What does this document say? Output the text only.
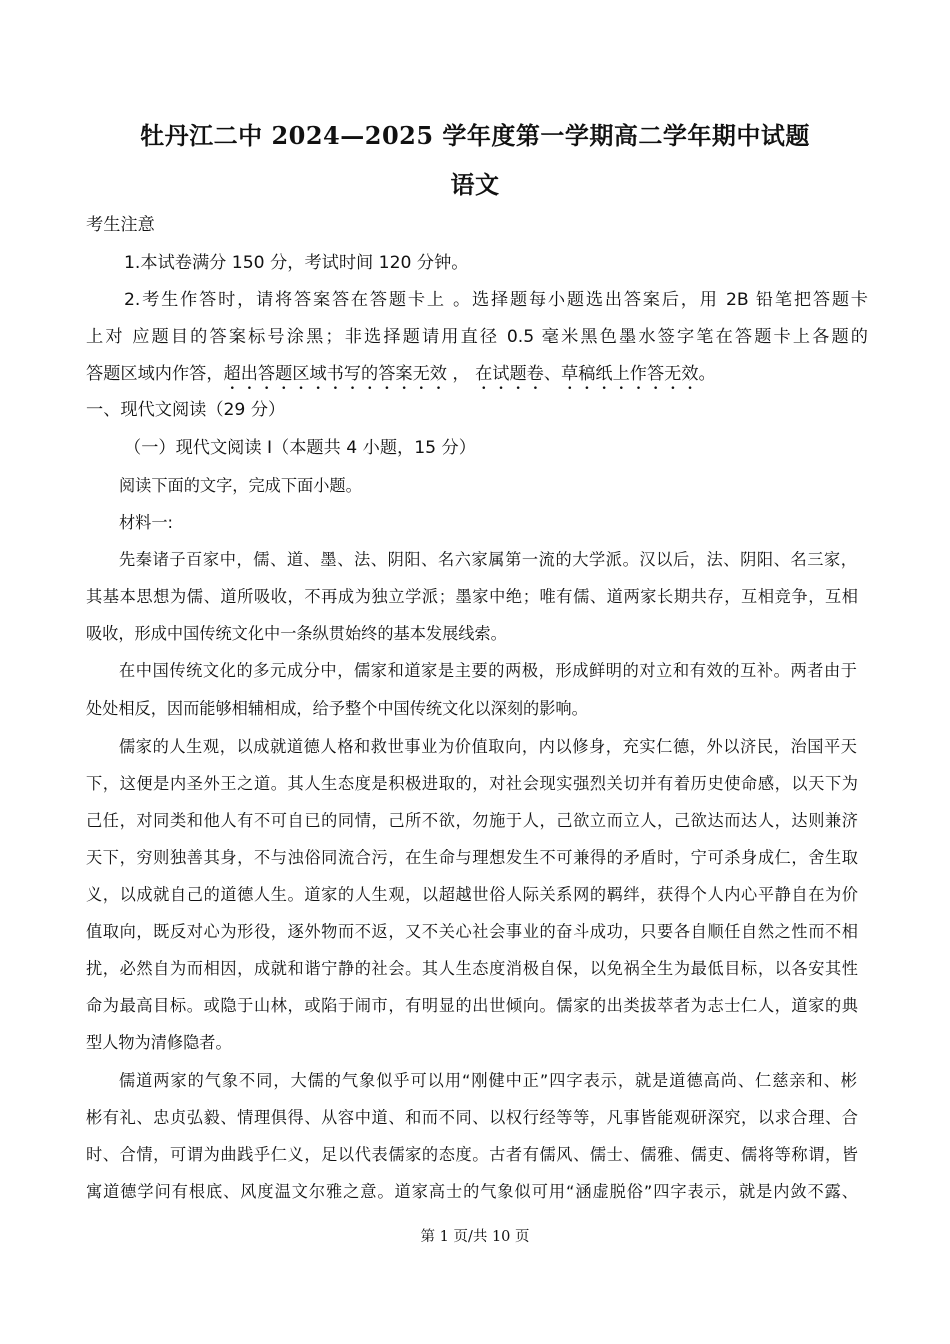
牡丹江二中 2024—2025 学年度第一学期高二学年期中试题
语文
考生注意
1.本试卷满分 150 分，考试时间 120 分钟。
2.考生作答时，请将答案答在答题卡上 。选择题每小题选出答案后，用 2B 铅笔把答题卡
上对 应题目的答案标号涂黑；非选择题请用直径 0.5 毫米黑色墨水签字笔在答题卡上各题的
答题区域内作答，超出答题区域书写的答案无效 ， 在试题卷、草稿纸上作答无效。
一、现代文阅读（29 分）
（一）现代文阅读 I（本题共 4 小题，15 分）
阅读下面的文字，完成下面小题。
材料一:
先秦诸子百家中，儒、道、墨、法、阴阳、名六家属第一流的大学派。汉以后，法、阴阳、名三家，
其基本思想为儒、道所吸收，不再成为独立学派；墨家中绝；唯有儒、道两家长期共存，互相竞争，互相
吸收，形成中国传统文化中一条纵贯始终的基本发展线索。
在中国传统文化的多元成分中，儒家和道家是主要的两极，形成鲜明的对立和有效的互补。两者由于
处处相反，因而能够相辅相成，给予整个中国传统文化以深刻的影响。
儒家的人生观，以成就道德人格和救世事业为价值取向，内以修身，充实仁德，外以济民，治国平天
下，这便是内圣外王之道。其人生态度是积极进取的，对社会现实强烈关切并有着历史使命感，以天下为
己任，对同类和他人有不可自已的同情，己所不欲，勿施于人，己欲立而立人，己欲达而达人，达则兼济
天下，穷则独善其身，不与浊俗同流合污，在生命与理想发生不可兼得的矛盾时，宁可杀身成仁，舍生取
义，以成就自己的道德人生。道家的人生观，以超越世俗人际关系网的羁绊，获得个人内心平静自在为价
值取向，既反对心为形役，逐外物而不返，又不关心社会事业的奋斗成功，只要各自顺任自然之性而不相
扰，必然自为而相因，成就和谐宁静的社会。其人生态度消极自保，以免祸全生为最低目标，以各安其性
命为最高目标。或隐于山林，或陷于闹市，有明显的出世倾向。儒家的出类拔萃者为志士仁人，道家的典
型人物为清修隐者。
儒道两家的气象不同，大儒的气象似乎可以用“刚健中正”四字表示，就是道德高尚、仁慈亲和、彬
彬有礼、忠贞弘毅、情理俱得、从容中道、和而不同、以权行经等等，凡事皆能观研深究，以求合理、合
时、合情，可谓为曲践乎仁义，足以代表儒家的态度。古者有儒风、儒士、儒雅、儒吏、儒将等称谓，皆
寓道德学问有根底、风度温文尔雅之意。道家高士的气象似可用“涵虚脱俗”四字表示，就是内敛不露、
第 1 页/共 10 页
